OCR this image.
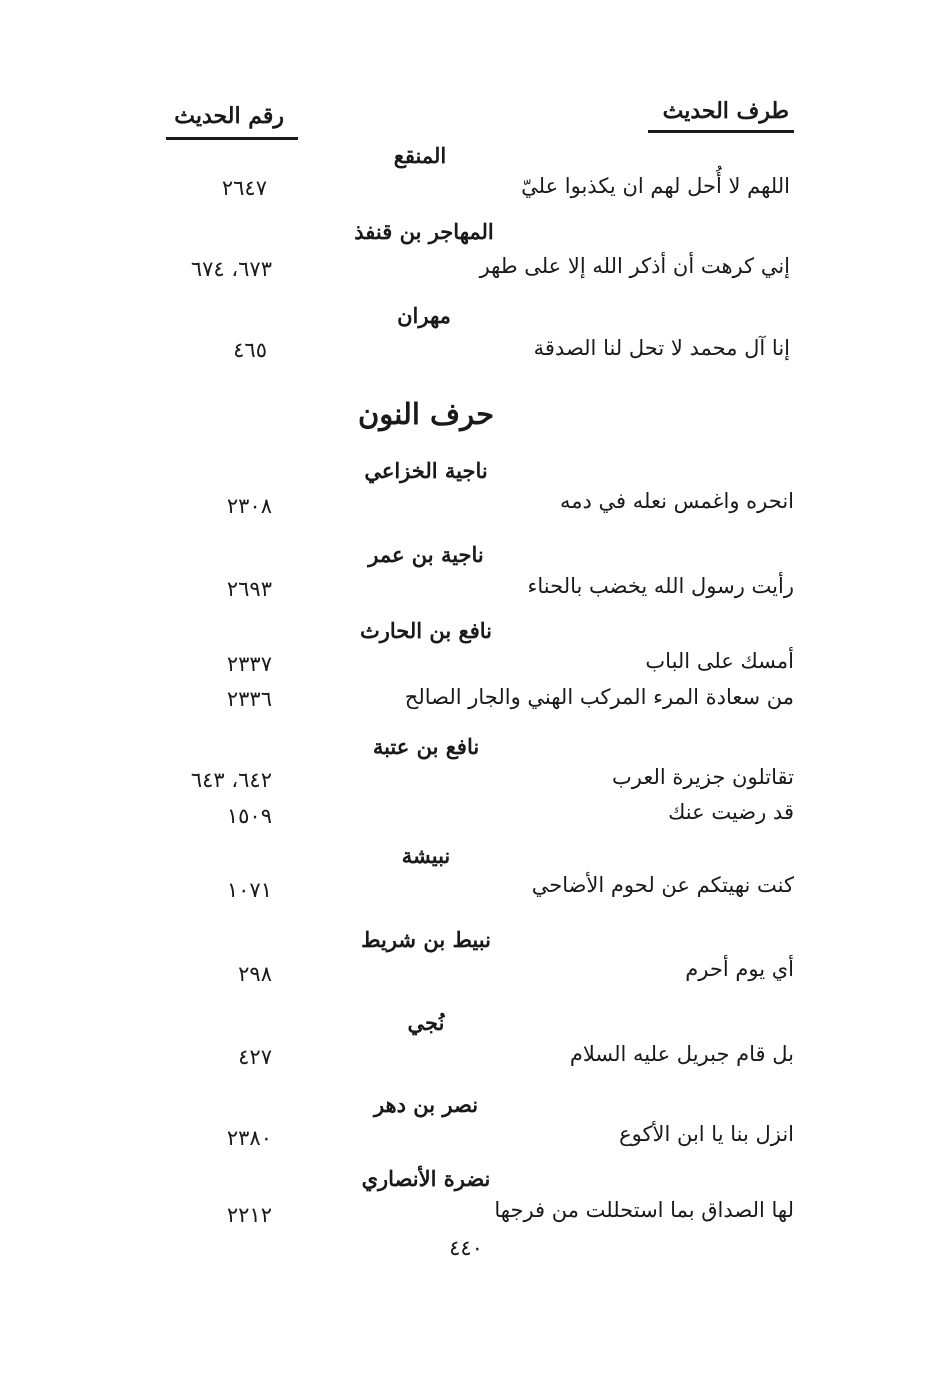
طرف الحديث
رقم الحديث
المنقع
اللهم لا أُحل لهم ان يكذبوا عليّ
٢٦٤٧
المهاجر بن قنفذ
إني كرهت أن أذكر الله إلا على طهر
٦٧٣، ٦٧٤
مهران
إنا آل محمد لا تحل لنا الصدقة
٤٦٥
حرف النون
ناجية الخزاعي
انحره واغمس نعله في دمه
٢٣٠٨
ناجية بن عمر
رأيت رسول الله يخضب بالحناء
٢٦٩٣
نافع بن الحارث
أمسك على الباب
٢٣٣٧
من سعادة المرء المركب الهني والجار الصالح
٢٣٣٦
نافع بن عتبة
تقاتلون جزيرة العرب
٦٤٢، ٦٤٣
قد رضيت عنك
١٥٠٩
نبيشة
كنت نهيتكم عن لحوم الأضاحي
١٠٧١
نبيط بن شريط
أي يوم أحرم
٢٩٨
نُجي
بل قام جبريل عليه السلام
٤٢٧
نصر بن دهر
انزل بنا يا ابن الأكوع
٢٣٨٠
نضرة الأنصاري
لها الصداق بما استحللت من فرجها
٢٢١٢
٤٤٠
